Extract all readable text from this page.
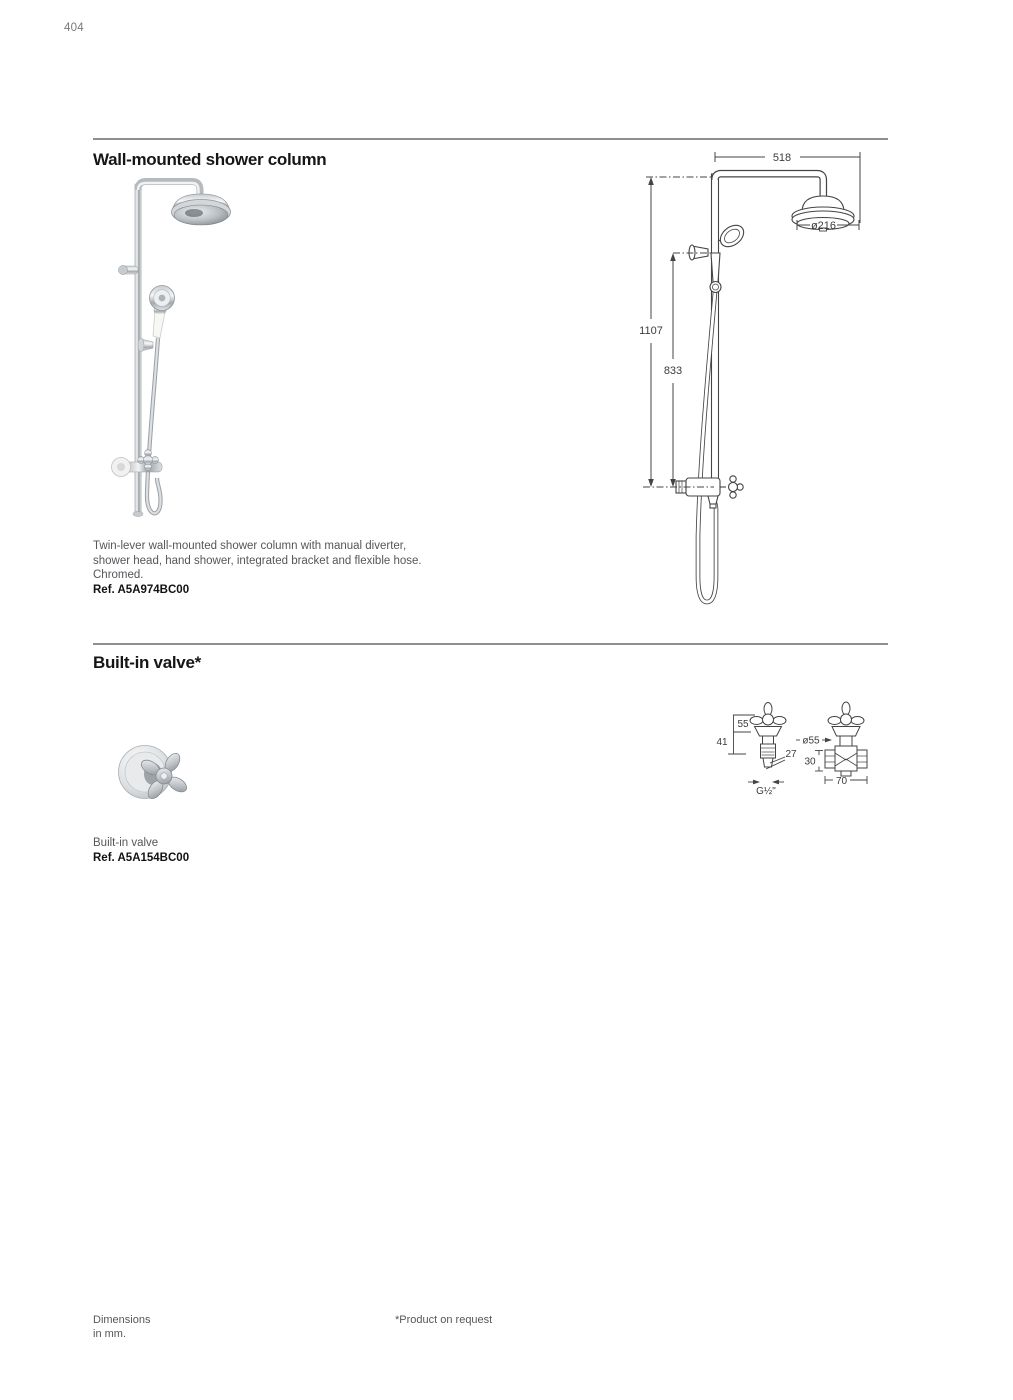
404
Wall-mounted shower column	518
ø216
1107
833
Twin-lever wall-mounted shower column with manual diverter,
shower head, hand shower, integrated bracket and flexible hose.
Chromed.
Ref. A5A974BC00
Built-in valve*
55
41
27
G½"
ø55
30
70
Built-in valve
Ref. A5A154BC00
Dimensions
in mm.
*Product on request
